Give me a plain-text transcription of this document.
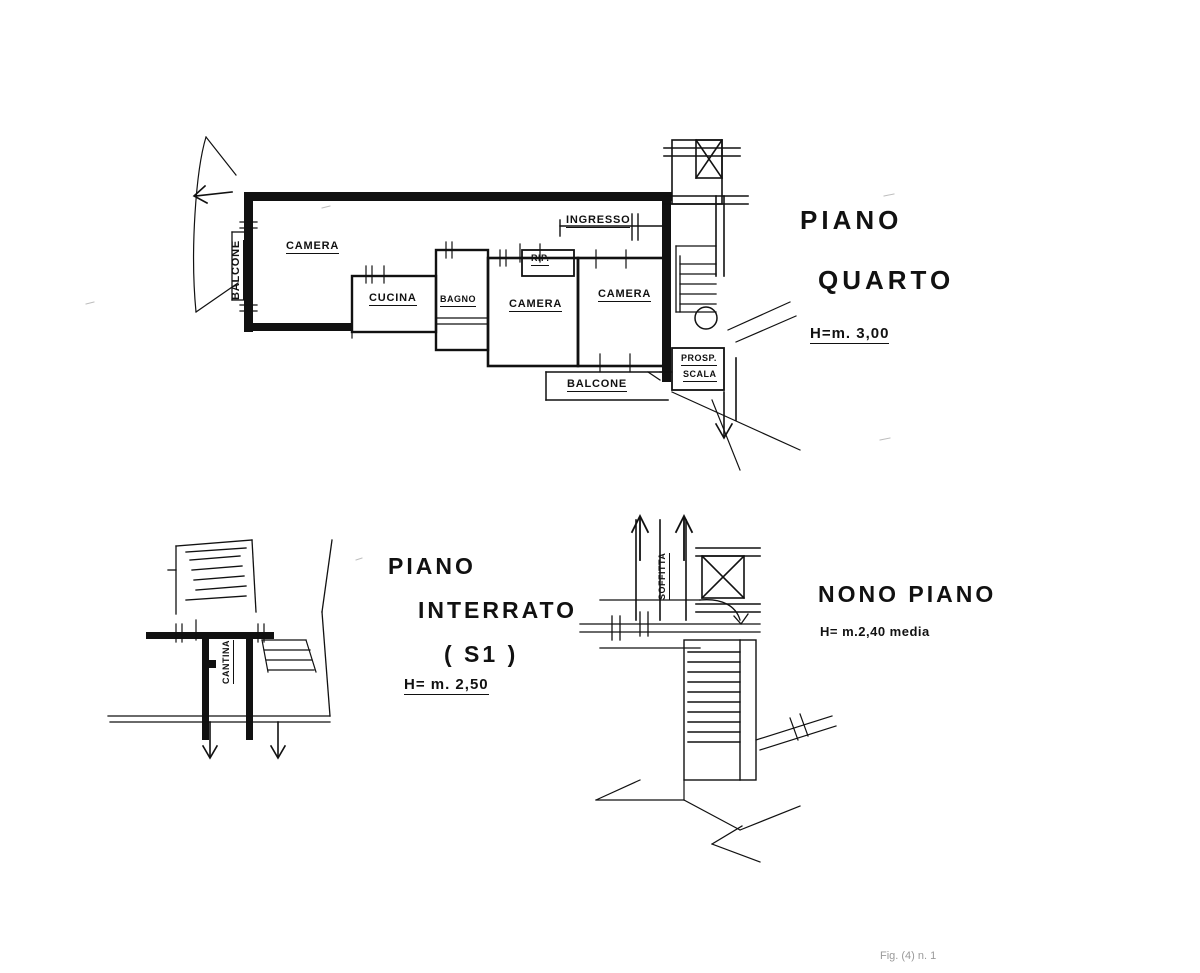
BALCONE	CAMERA
CUCINA	BAGNO
RIP.
CAMERA
CAMERA
INGRESSO
BALCONE
PROSP.
SCALA
PIANO
QUARTO
H=m. 3,00
CANTINA
PIANO
INTERRATO
( S1 )
H= m. 2,50
SOFFITTA	NONO PIANO
H= m.2,40 media
Fig. (4) n. 1
